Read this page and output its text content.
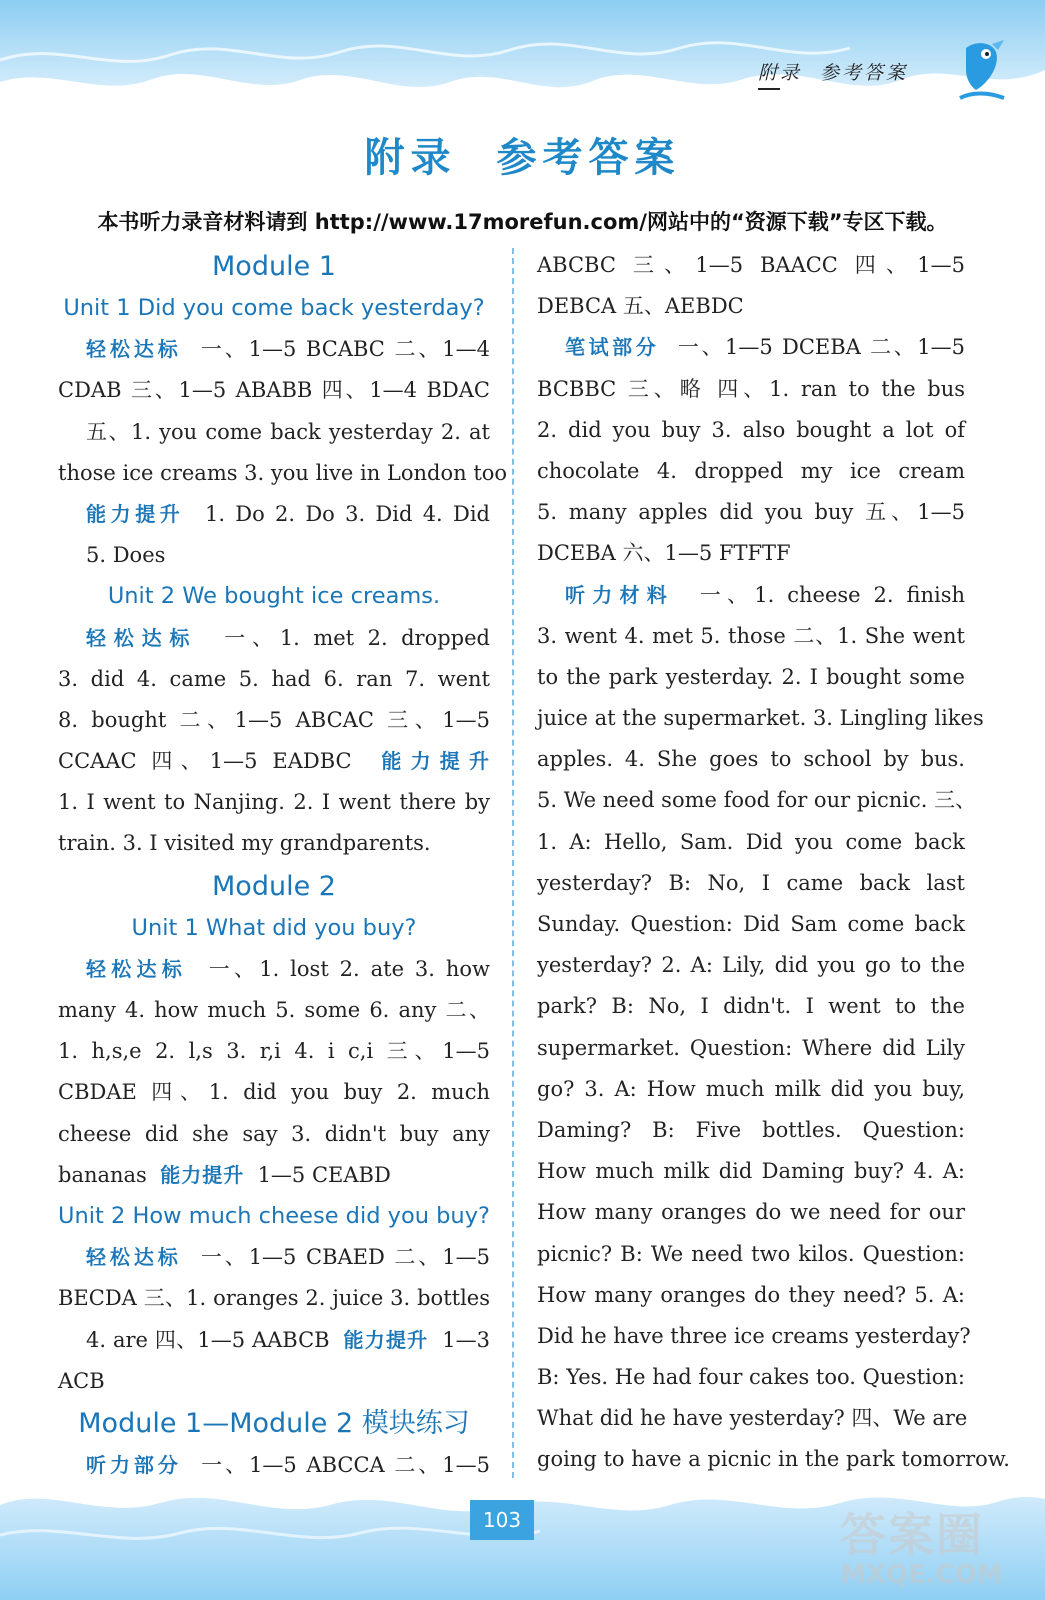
附录 参考答案
附录 参考答案
本书听力录音材料请到 http://www.17morefun.com/网站中的“资源下载”专区下载。
Module 1
Unit 1 Did you come back yesterday?
轻松达标 一、1—5 BCABC 二、1—4
CDAB 三、1—5 ABABB 四、1—4 BDAC
五、1. you come back yesterday 2. at
those ice creams 3. you live in London too
能力提升 1. Do 2. Do 3. Did 4. Did
5. Does
Unit 2 We bought ice creams.
轻松达标 一、1. met 2. dropped
3. did 4. came 5. had 6. ran 7. went
8. bought 二、1—5 ABCAC 三、1—5
CCAAC 四、1—5 EADBC 能力提升
1. I went to Nanjing. 2. I went there by
train. 3. I visited my grandparents.
Module 2
Unit 1 What did you buy?
轻松达标 一、1. lost 2. ate 3. how
many 4. how much 5. some 6. any 二、
1. h,s,e 2. l,s 3. r,i 4. i c,i 三、1—5
CBDAE 四、1. did you buy 2. much
cheese did she say 3. didn't buy any
bananas 能力提升 1—5 CEABD
Unit 2 How much cheese did you buy?
轻松达标 一、1—5 CBAED 二、1—5
BECDA 三、1. oranges 2. juice 3. bottles
4. are 四、1—5 AABCB 能力提升 1—3
ACB
Module 1—Module 2 模块练习
听力部分 一、1—5 ABCCA 二、1—5
ABCBC 三、1—5 BAACC 四、1—5
DEBCA 五、AEBDC
笔试部分 一、1—5 DCEBA 二、1—5
BCBBC 三、略 四、1. ran to the bus
2. did you buy 3. also bought a lot of
chocolate 4. dropped my ice cream
5. many apples did you buy 五、1—5
DCEBA 六、1—5 FTFTF
听力材料 一、1. cheese 2. finish
3. went 4. met 5. those 二、1. She went
to the park yesterday. 2. I bought some
juice at the supermarket. 3. Lingling likes
apples. 4. She goes to school by bus.
5. We need some food for our picnic. 三、
1. A: Hello, Sam. Did you come back
yesterday? B: No, I came back last
Sunday. Question: Did Sam come back
yesterday? 2. A: Lily, did you go to the
park? B: No, I didn't. I went to the
supermarket. Question: Where did Lily
go? 3. A: How much milk did you buy,
Daming? B: Five bottles. Question:
How much milk did Daming buy? 4. A:
How many oranges do we need for our
picnic? B: We need two kilos. Question:
How many oranges do they need? 5. A:
Did he have three ice creams yesterday?
B: Yes. He had four cakes too. Question:
What did he have yesterday? 四、We are
going to have a picnic in the park tomorrow.
103	答案圈
MXQE.COM
